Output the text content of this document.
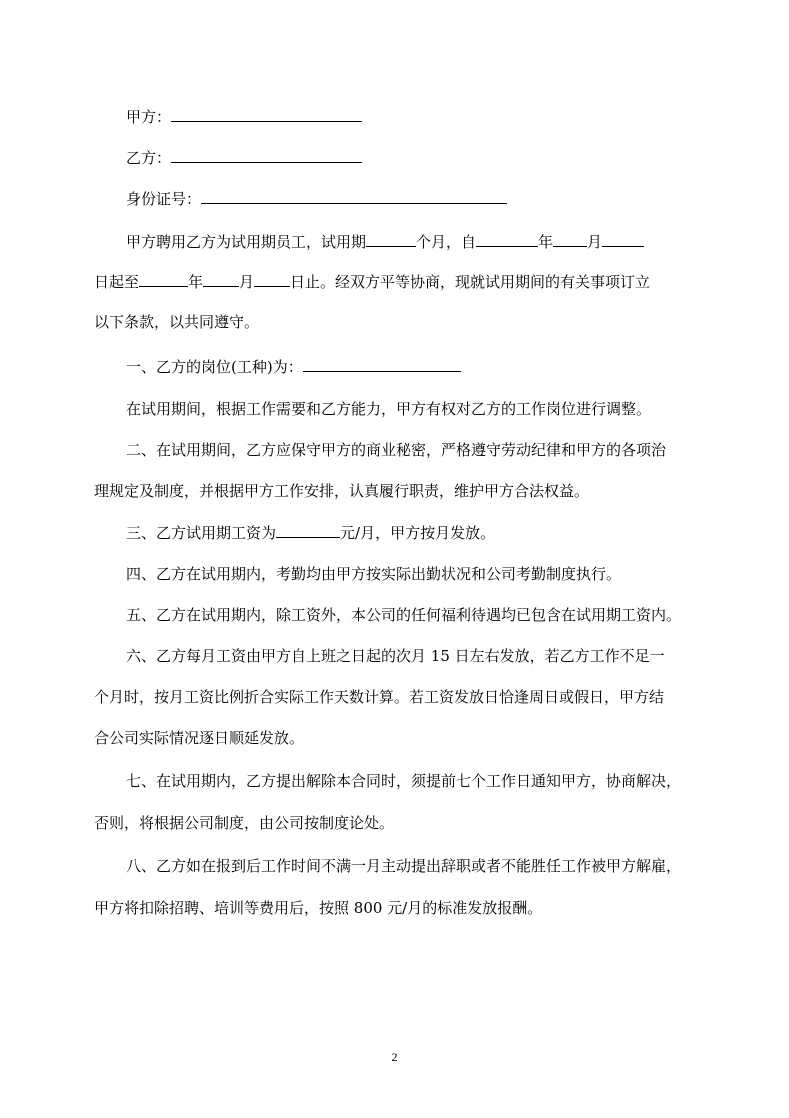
甲方：
乙方：
身份证号：
甲方聘用乙方为试用期员工，试用期	个月，自	年 月
日起至	年 月 日止。经双方平等协商，现就试用期间的有关事项订立
以下条款，以共同遵守。
一、乙方的岗位(工种)为：
在试用期间，根据工作需要和乙方能力，甲方有权对乙方的工作岗位进行调整。
二、在试用期间，乙方应保守甲方的商业秘密，严格遵守劳动纪律和甲方的各项治
理规定及制度，并根据甲方工作安排，认真履行职责，维护甲方合法权益。
三、乙方试用期工资为	元/月，甲方按月发放。
四、乙方在试用期内，考勤均由甲方按实际出勤状况和公司考勤制度执行。
五、乙方在试用期内，除工资外，本公司的任何福利待遇均已包含在试用期工资内。
六、乙方每月工资由甲方自上班之日起的次月 15 日左右发放，若乙方工作不足一
个月时，按月工资比例折合实际工作天数计算。若工资发放日恰逢周日或假日，甲方结
合公司实际情况逐日顺延发放。
七、在试用期内，乙方提出解除本合同时，须提前七个工作日通知甲方，协商解决，
否则，将根据公司制度，由公司按制度论处。
八、乙方如在报到后工作时间不满一月主动提出辞职或者不能胜任工作被甲方解雇，
甲方将扣除招聘、培训等费用后，按照 800 元/月的标准发放报酬。
2
